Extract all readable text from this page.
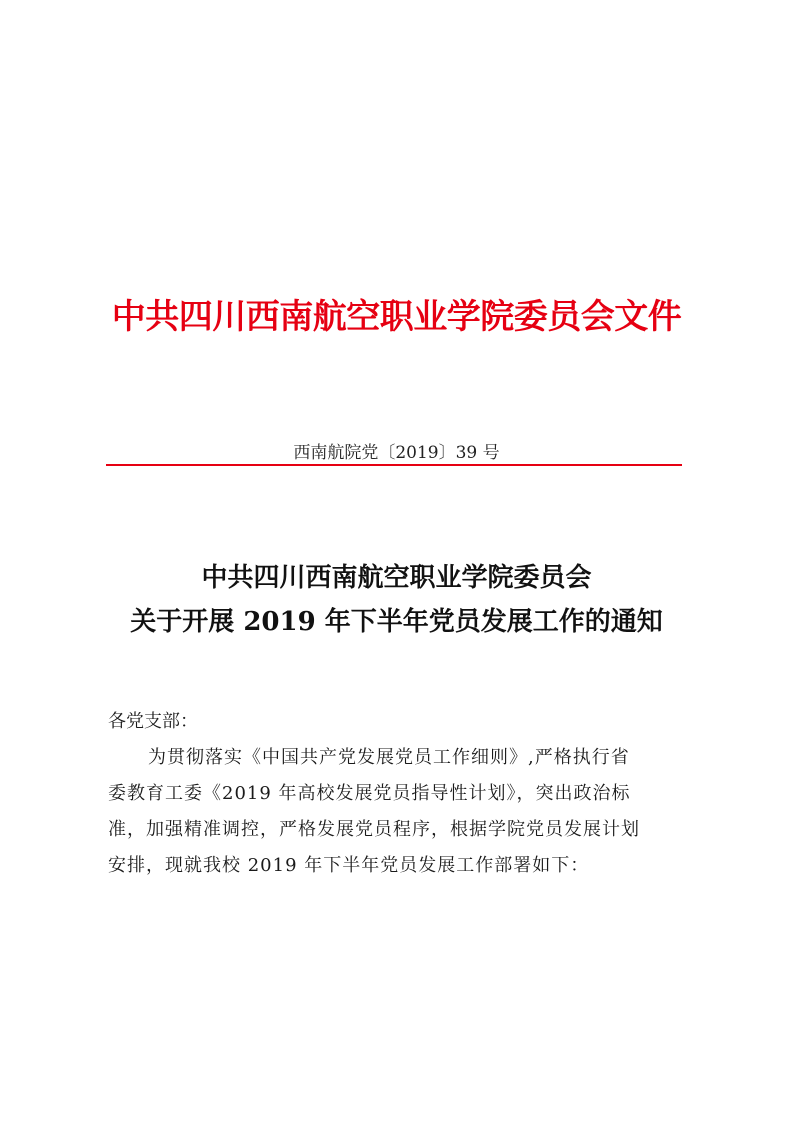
中共四川西南航空职业学院委员会文件
西南航院党〔2019〕39 号
中共四川西南航空职业学院委员会
关于开展 2019 年下半年党员发展工作的通知
各党支部：
为贯彻落实《中国共产党发展党员工作细则》,严格执行省
委教育工委《2019 年高校发展党员指导性计划》，突出政治标
准，加强精准调控，严格发展党员程序，根据学院党员发展计划
安排，现就我校 2019 年下半年党员发展工作部署如下：
